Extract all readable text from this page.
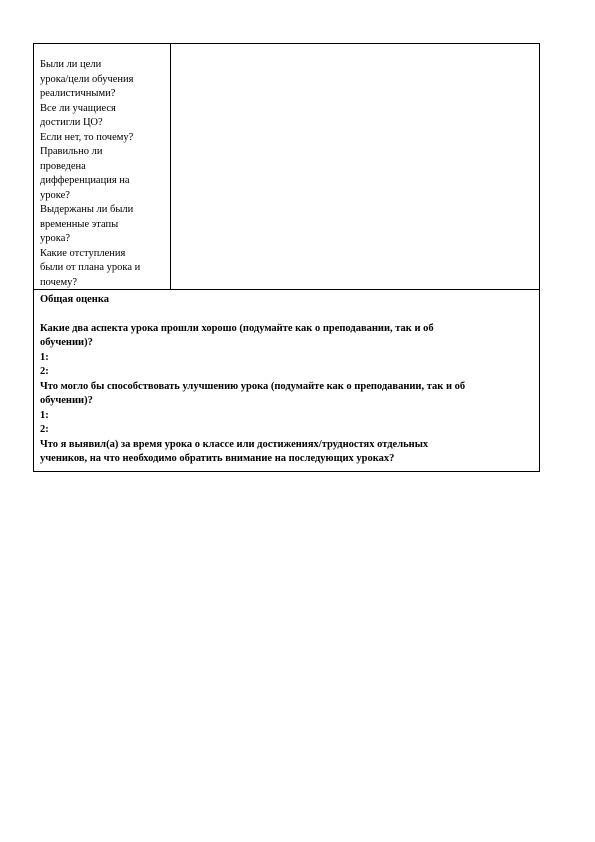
Были ли цели
урока/цели обучения
реалистичными?
Все ли учащиеся
достигли ЦО?
Если нет, то почему?
Правильно ли
проведена
дифференциация на
уроке?
Выдержаны ли были
временные этапы
урока?
Какие отступления
были от плана урока и
почему?
Общая оценка
Какие два аспекта урока прошли хорошо (подумайте как о преподавании, так и об
обучении)?
1:
2:
Что могло бы способствовать улучшению урока (подумайте как о преподавании, так и об
обучении)?
1:
2:
Что я выявил(а) за время урока о классе или достижениях/трудностях отдельных
учеников, на что необходимо обратить внимание на последующих уроках?
